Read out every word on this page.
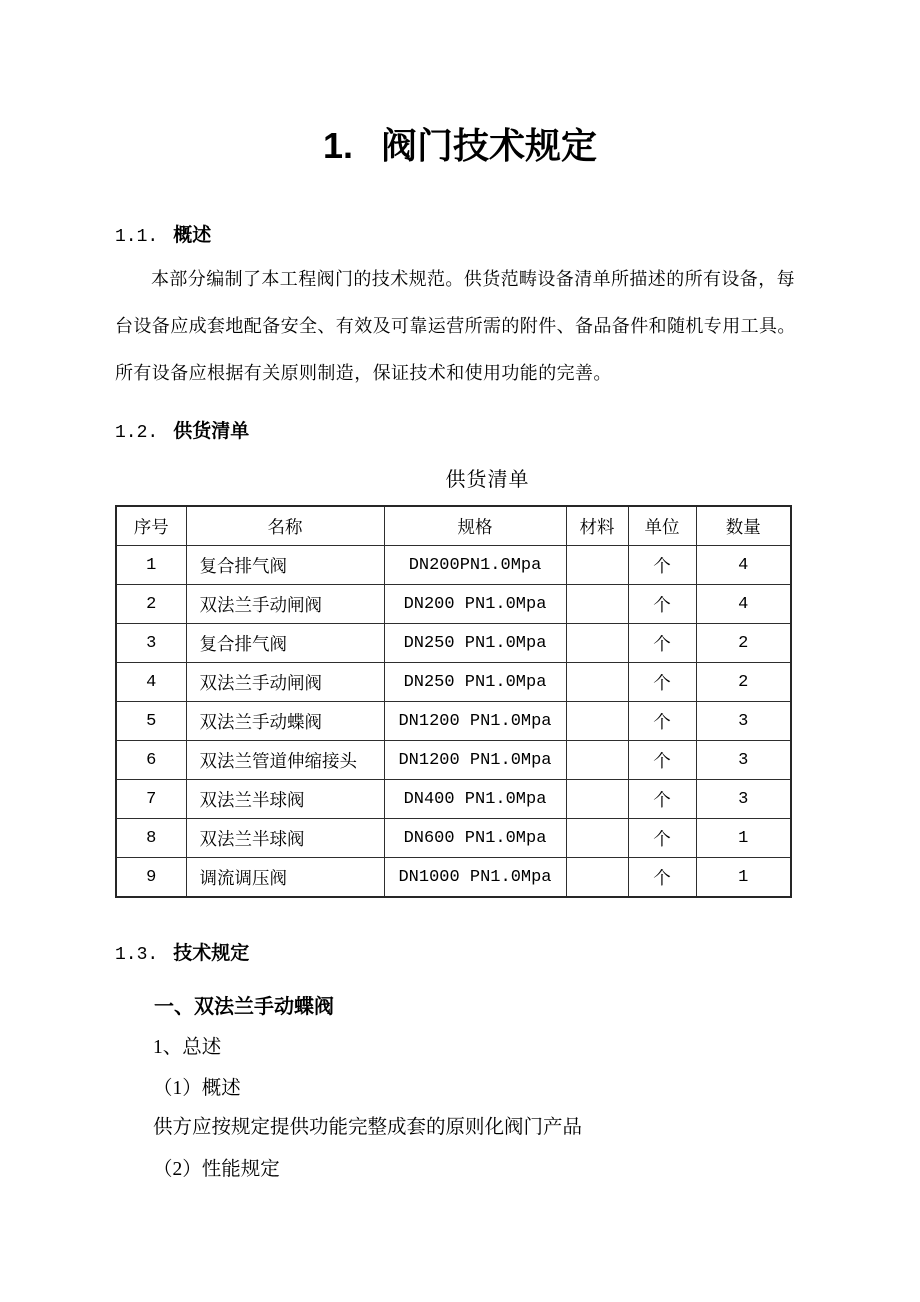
1. 阀门技术规定
1.1. 概述
本部分编制了本工程阀门的技术规范。供货范畴设备清单所描述的所有设备，每
台设备应成套地配备安全、有效及可靠运营所需的附件、备品备件和随机专用工具。
所有设备应根据有关原则制造，保证技术和使用功能的完善。
1.2. 供货清单
供货清单
序号	名称	规格	材料	单位	数量
1	复合排气阀	DN200PN1.0Mpa		个	4
2	双法兰手动闸阀	DN200 PN1.0Mpa		个	4
3	复合排气阀	DN250 PN1.0Mpa		个	2
4	双法兰手动闸阀	DN250 PN1.0Mpa		个	2
5	双法兰手动蝶阀	DN1200 PN1.0Mpa		个	3
6	双法兰管道伸缩接头	DN1200 PN1.0Mpa		个	3
7	双法兰半球阀	DN400 PN1.0Mpa		个	3
8	双法兰半球阀	DN600 PN1.0Mpa		个	1
9	调流调压阀	DN1000 PN1.0Mpa		个	1
1.3. 技术规定
一、双法兰手动蝶阀
1、总述
（1）概述
供方应按规定提供功能完整成套的原则化阀门产品
（2）性能规定
